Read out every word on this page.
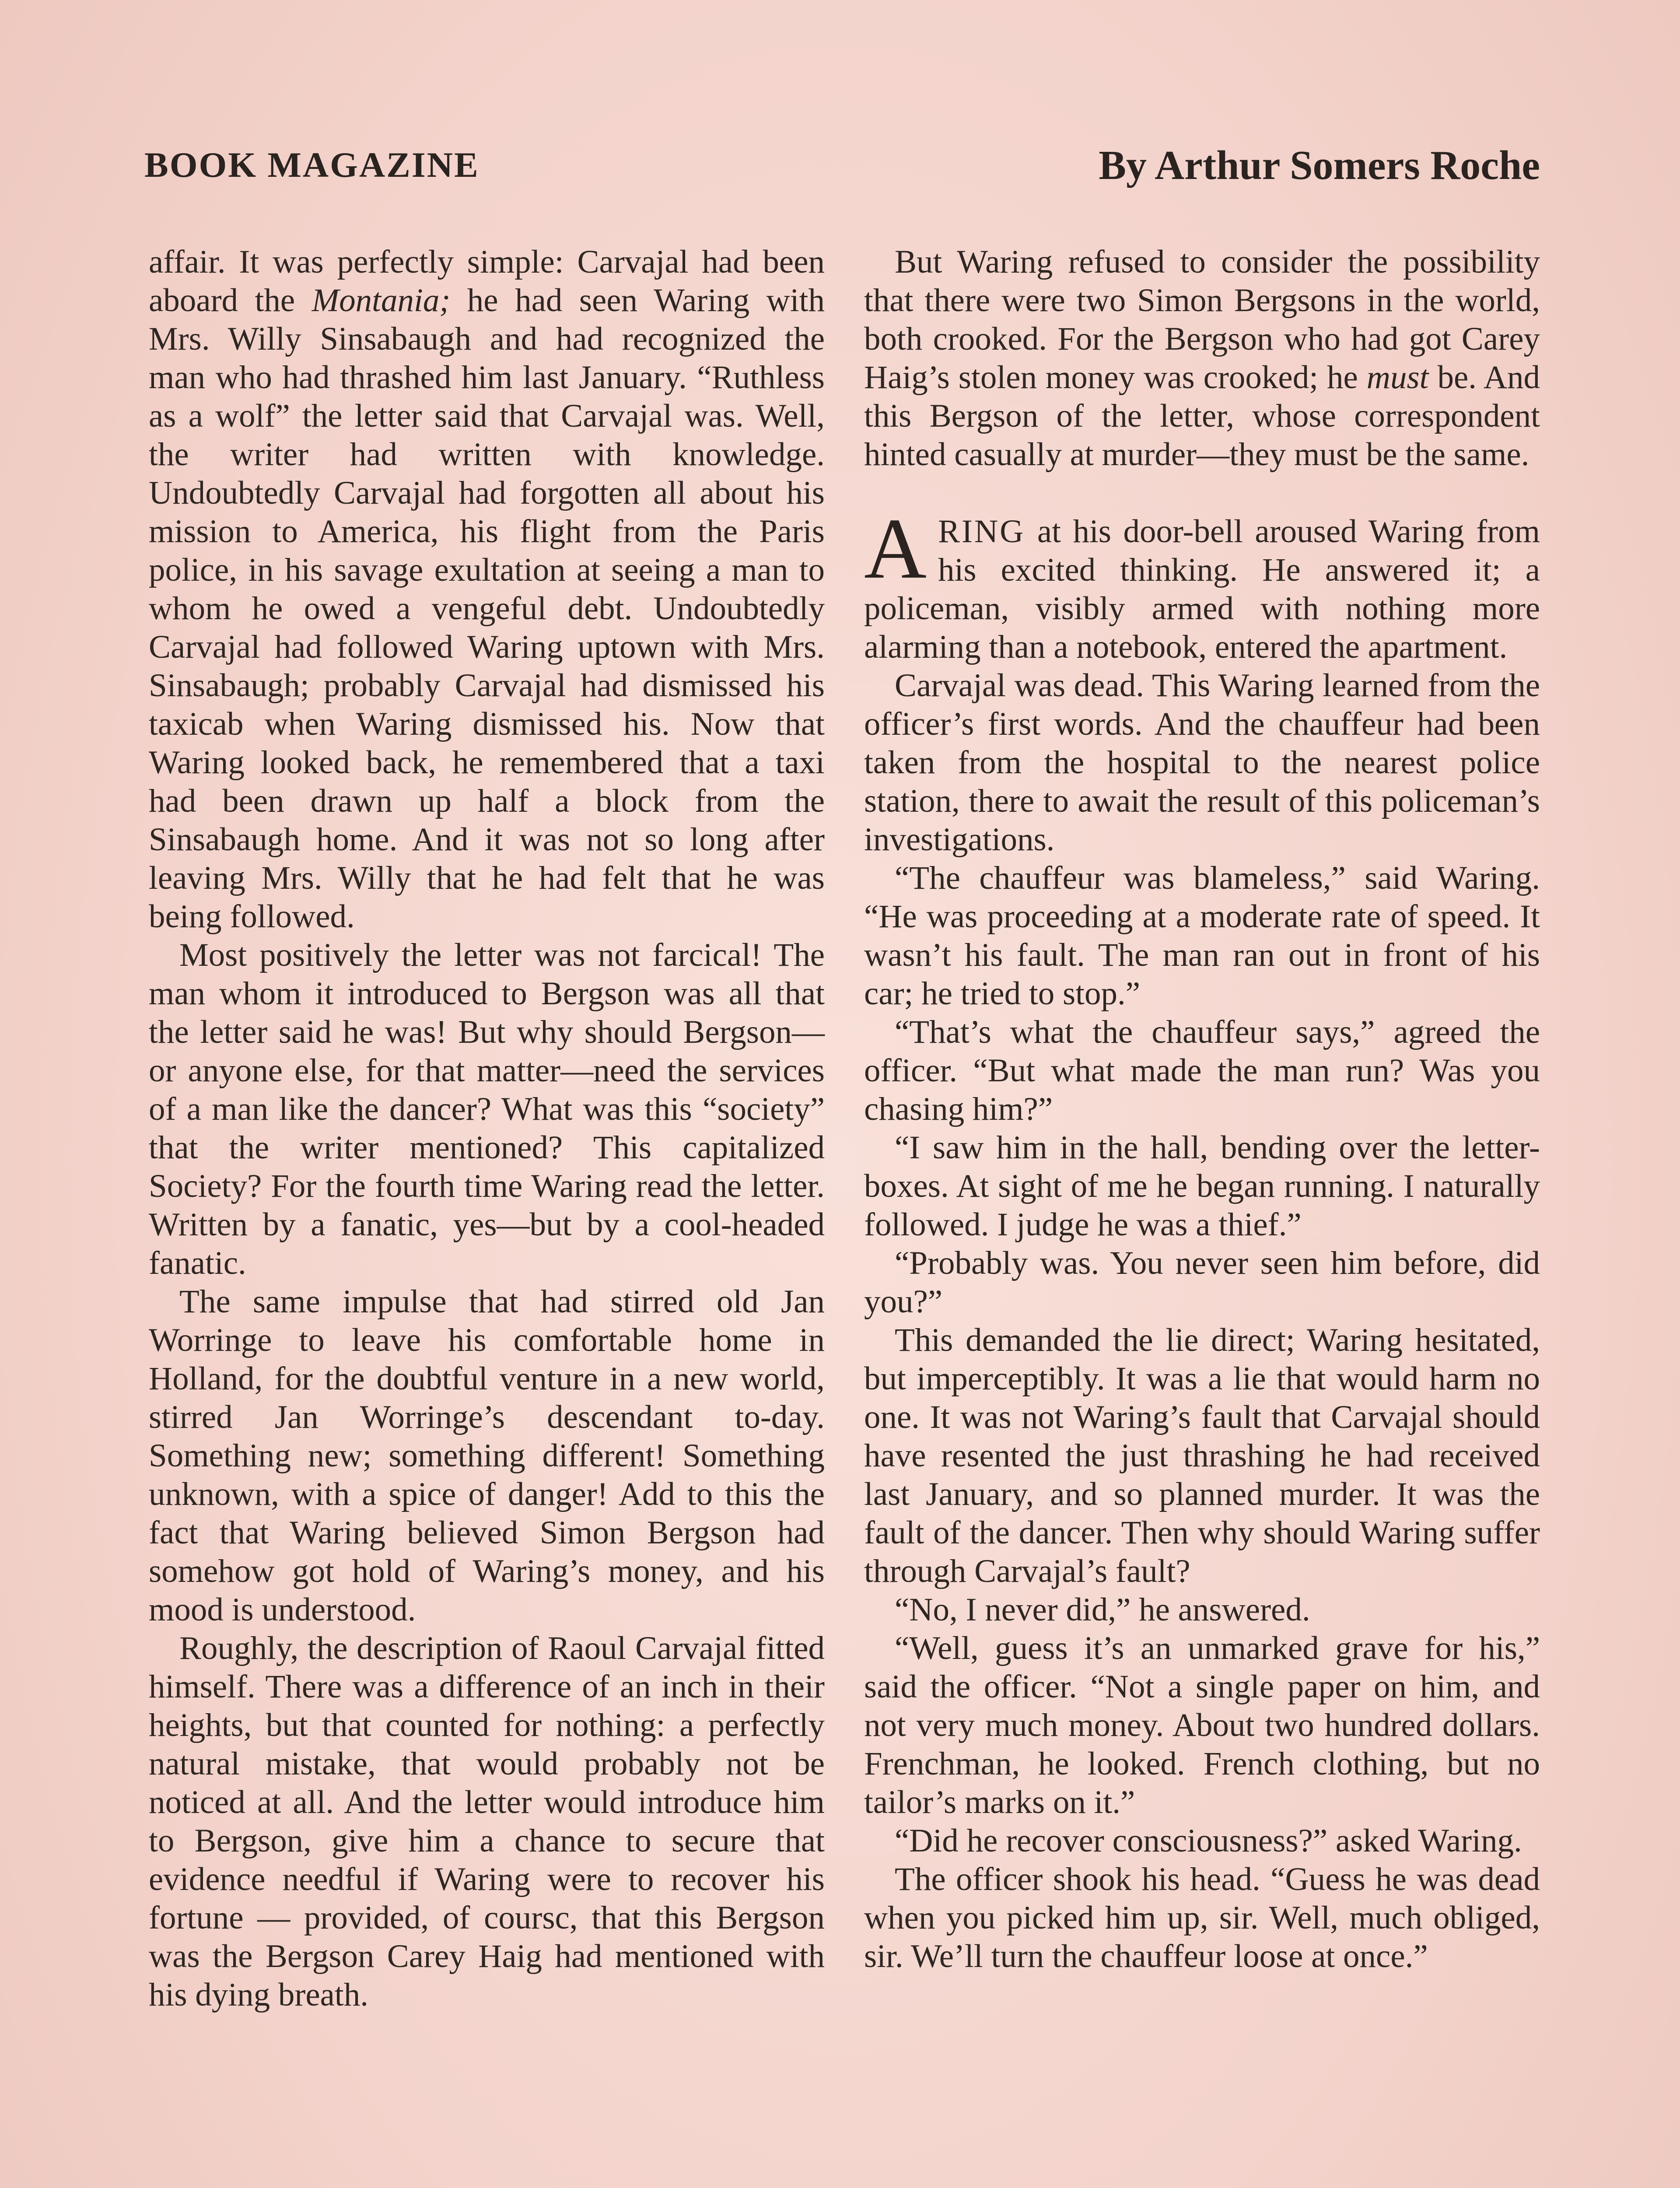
BOOK MAGAZINE	By Arthur Somers Roche

affair. It was perfectly simple: Carvajal had been aboard the Montania; he had seen Waring with Mrs. Willy Sinsabaugh and had recognized the man who had thrashed him last January. “Ruthless as a wolf” the letter said that Carvajal was. Well, the writer had written with knowledge. Undoubtedly Carvajal had forgotten all about his mission to America, his flight from the Paris police, in his savage exultation at seeing a man to whom he owed a vengeful debt. Undoubtedly Carvajal had followed Waring uptown with Mrs. Sinsabaugh; probably Carvajal had dismissed his taxicab when Waring dismissed his. Now that Waring looked back, he remembered that a taxi had been drawn up half a block from the Sinsabaugh home. And it was not so long after leaving Mrs. Willy that he had felt that he was being followed.

Most positively the letter was not farcical! The man whom it introduced to Bergson was all that the letter said he was! But why should Bergson—or anyone else, for that matter—need the services of a man like the dancer? What was this “society” that the writer mentioned? This capitalized Society? For the fourth time Waring read the letter. Written by a fanatic, yes—but by a cool-headed fanatic.

The same impulse that had stirred old Jan Worringe to leave his comfortable home in Holland, for the doubtful venture in a new world, stirred Jan Worringe’s descendant to-day. Something new; something different! Something unknown, with a spice of danger! Add to this the fact that Waring believed Simon Bergson had somehow got hold of Waring’s money, and his mood is understood.

Roughly, the description of Raoul Carvajal fitted himself. There was a difference of an inch in their heights, but that counted for nothing: a perfectly natural mistake, that would probably not be noticed at all. And the letter would introduce him to Bergson, give him a chance to secure that evidence needful if Waring were to recover his fortune — provided, of coursc, that this Bergson was the Bergson Carey Haig had mentioned with his dying breath.

But Waring refused to consider the possibility that there were two Simon Bergsons in the world, both crooked. For the Bergson who had got Carey Haig’s stolen money was crooked; he must be. And this Bergson of the letter, whose correspondent hinted casually at murder—they must be the same.

ARING at his door-bell aroused Waring from his excited thinking. He answered it; a policeman, visibly armed with nothing more alarming than a notebook, entered the apartment.

Carvajal was dead. This Waring learned from the officer’s first words. And the chauffeur had been taken from the hospital to the nearest police station, there to await the result of this policeman’s investigations.

“The chauffeur was blameless,” said Waring. “He was proceeding at a moderate rate of speed. It wasn’t his fault. The man ran out in front of his car; he tried to stop.”

“That’s what the chauffeur says,” agreed the officer. “But what made the man run? Was you chasing him?”

“I saw him in the hall, bending over the letter-boxes. At sight of me he began running. I naturally followed. I judge he was a thief.”

“Probably was. You never seen him before, did you?”

This demanded the lie direct; Waring hesitated, but imperceptibly. It was a lie that would harm no one. It was not Waring’s fault that Carvajal should have resented the just thrashing he had received last January, and so planned murder. It was the fault of the dancer. Then why should Waring suffer through Carvajal’s fault?

“No, I never did,” he answered.

“Well, guess it’s an unmarked grave for his,” said the officer. “Not a single paper on him, and not very much money. About two hundred dollars. Frenchman, he looked. French clothing, but no tailor’s marks on it.”

“Did he recover consciousness?” asked Waring.

The officer shook his head. “Guess he was dead when you picked him up, sir. Well, much obliged, sir. We’ll turn the chauffeur loose at once.”
